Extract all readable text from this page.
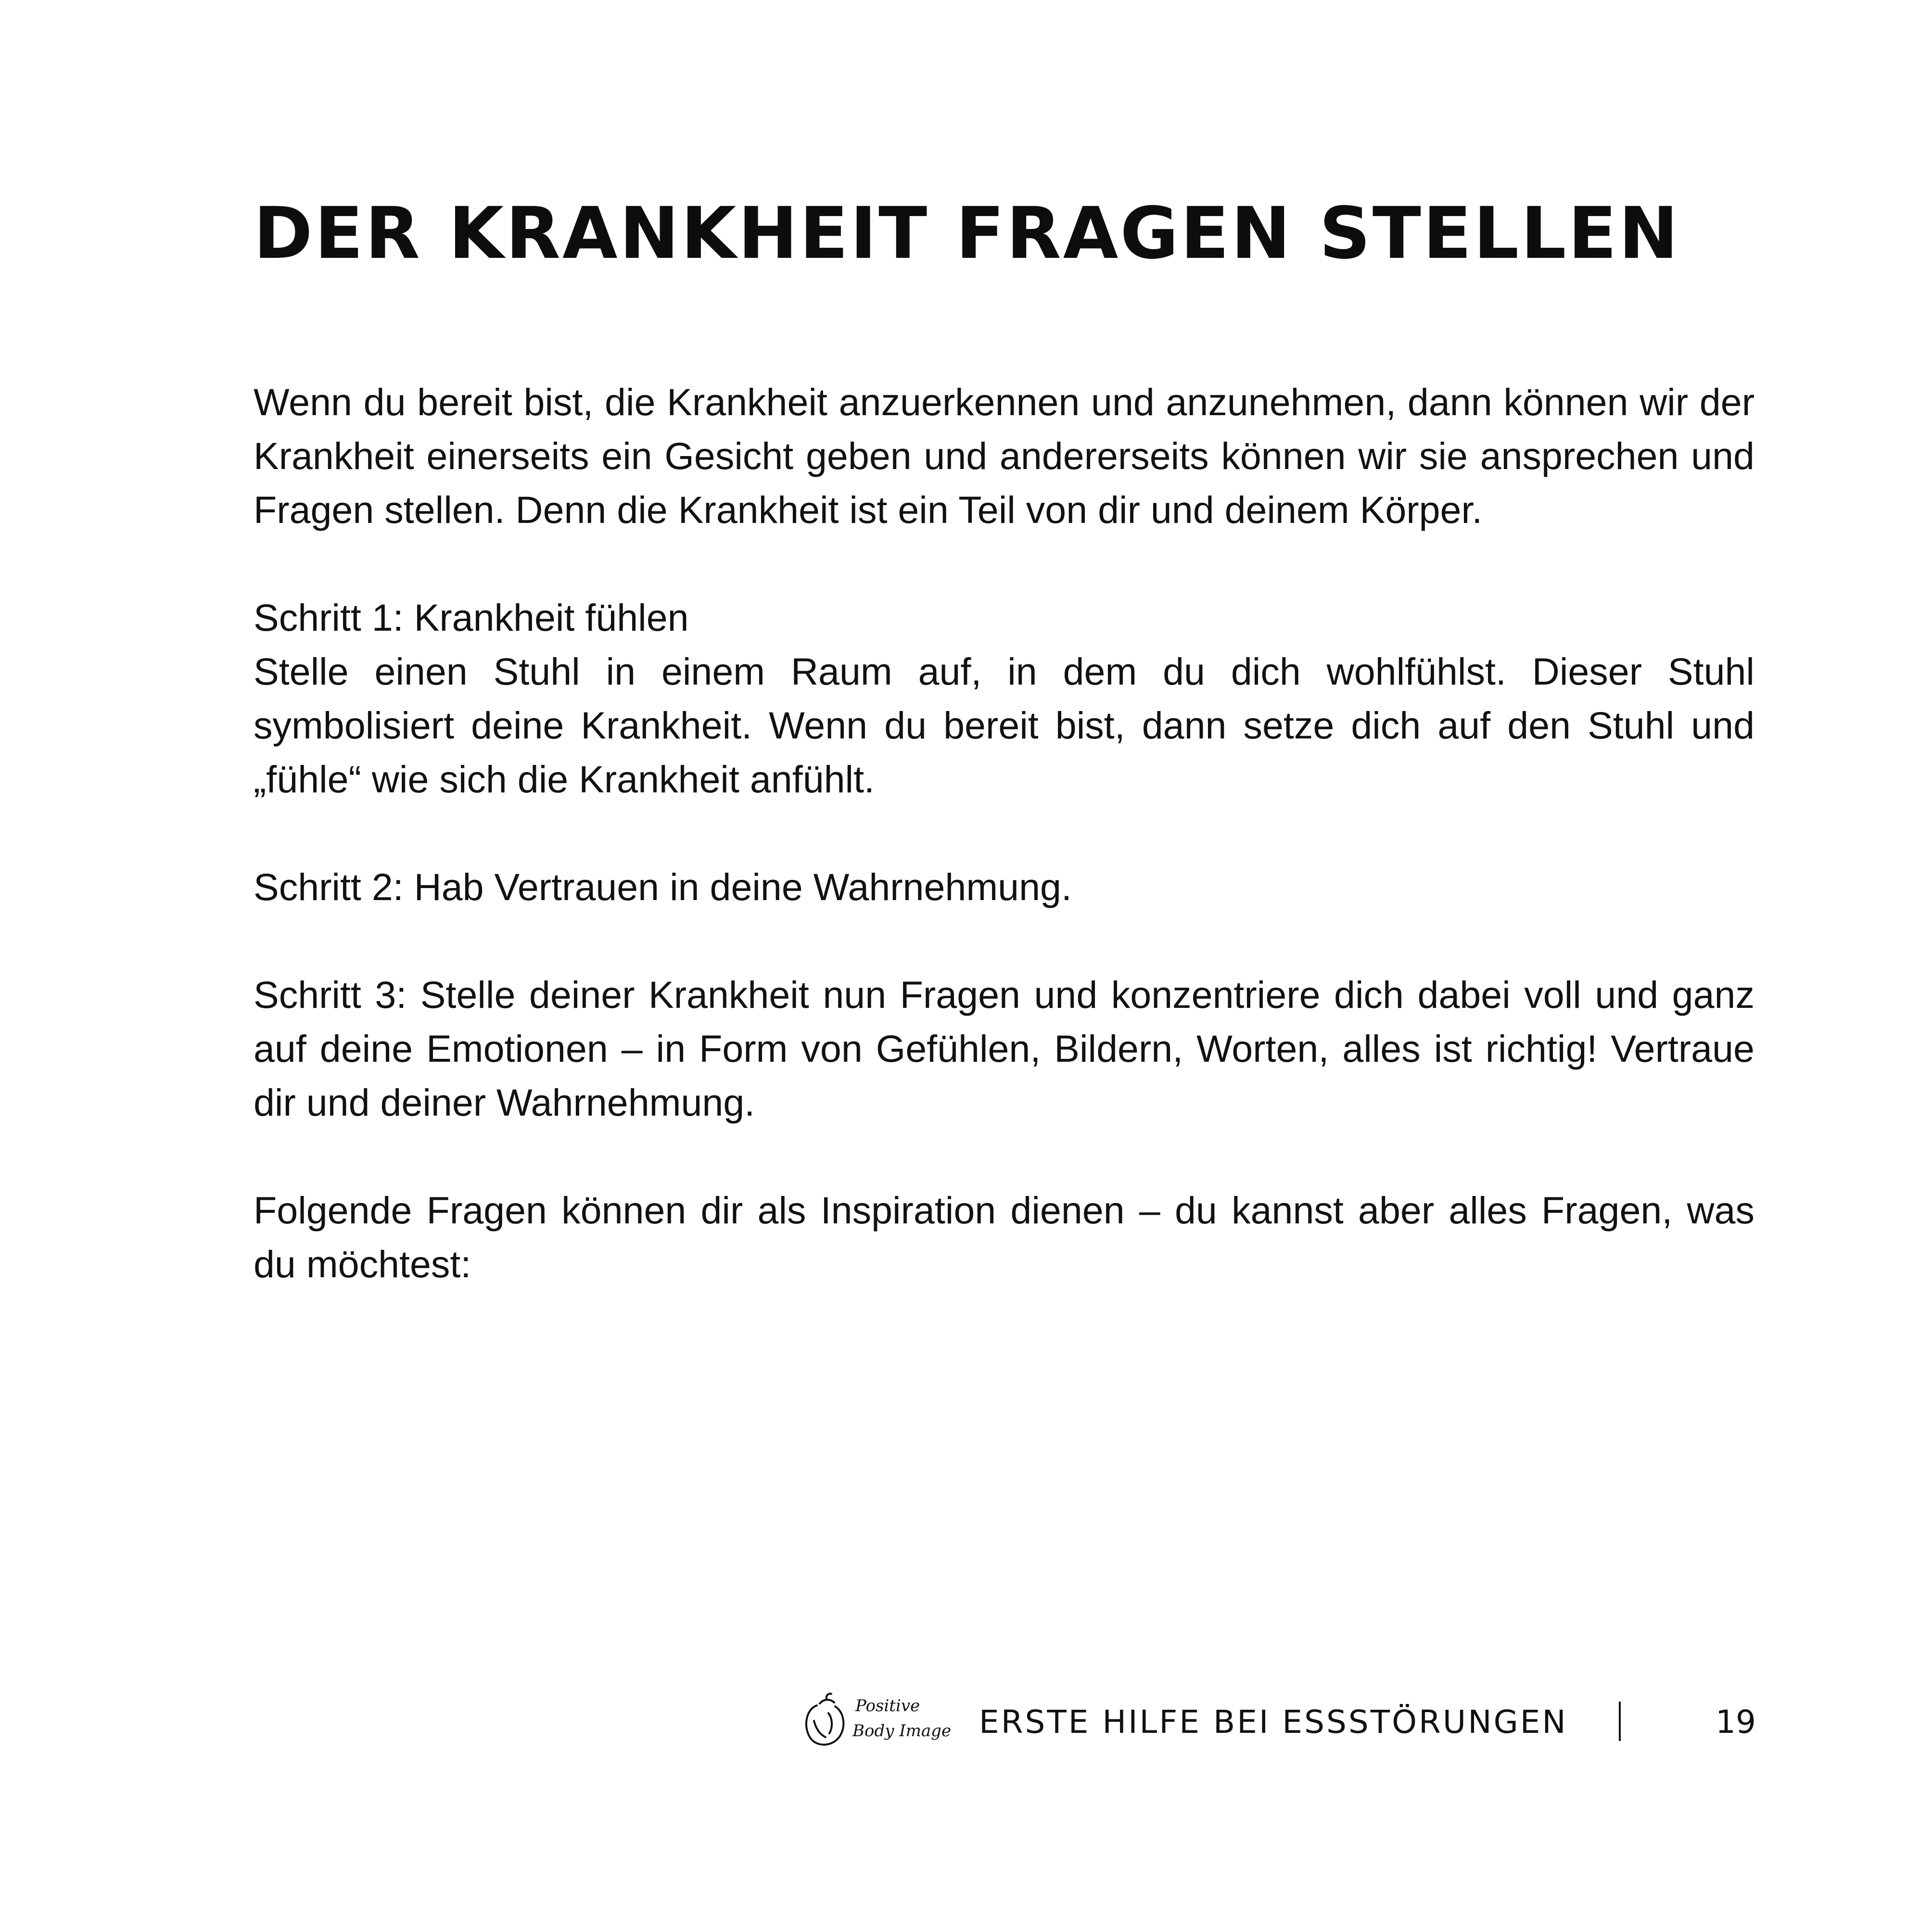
DER KRANKHEIT FRAGEN STELLEN

Wenn du bereit bist, die Krankheit anzuerkennen und anzunehmen, dann können wir der Krankheit einerseits ein Gesicht geben und andererseits können wir sie ansprechen und Fragen stellen. Denn die Krankheit ist ein Teil von dir und deinem Körper.

Schritt 1: Krankheit fühlen
Stelle einen Stuhl in einem Raum auf, in dem du dich wohlfühlst. Dieser Stuhl symbolisiert deine Krankheit. Wenn du bereit bist, dann setze dich auf den Stuhl und „fühle“ wie sich die Krankheit anfühlt.

Schritt 2: Hab Vertrauen in deine Wahrnehmung.

Schritt 3: Stelle deiner Krankheit nun Fragen und konzentriere dich dabei voll und ganz auf deine Emotionen – in Form von Gefühlen, Bildern, Worten, alles ist richtig! Vertraue dir und deiner Wahrnehmung.

Folgende Fragen können dir als Inspiration dienen – du kannst aber alles Fragen, was du möchtest:

Positive
Body Image ERSTE HILFE BEI ESSSTÖRUNGEN	19
